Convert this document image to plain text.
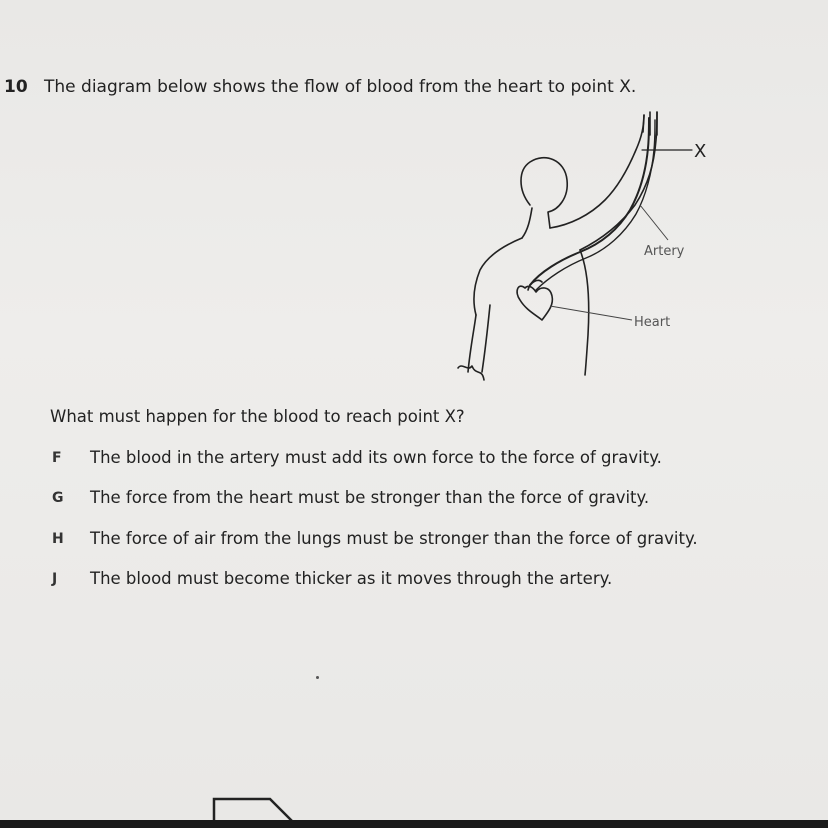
10 The diagram below shows the flow of blood from the heart to point X.
X
Artery
Heart
What must happen for the blood to reach point X?
F	The blood in the artery must add its own force to the force of gravity.
G	The force from the heart must be stronger than the force of gravity.
H	The force of air from the lungs must be stronger than the force of gravity.
J	The blood must become thicker as it moves through the artery.
